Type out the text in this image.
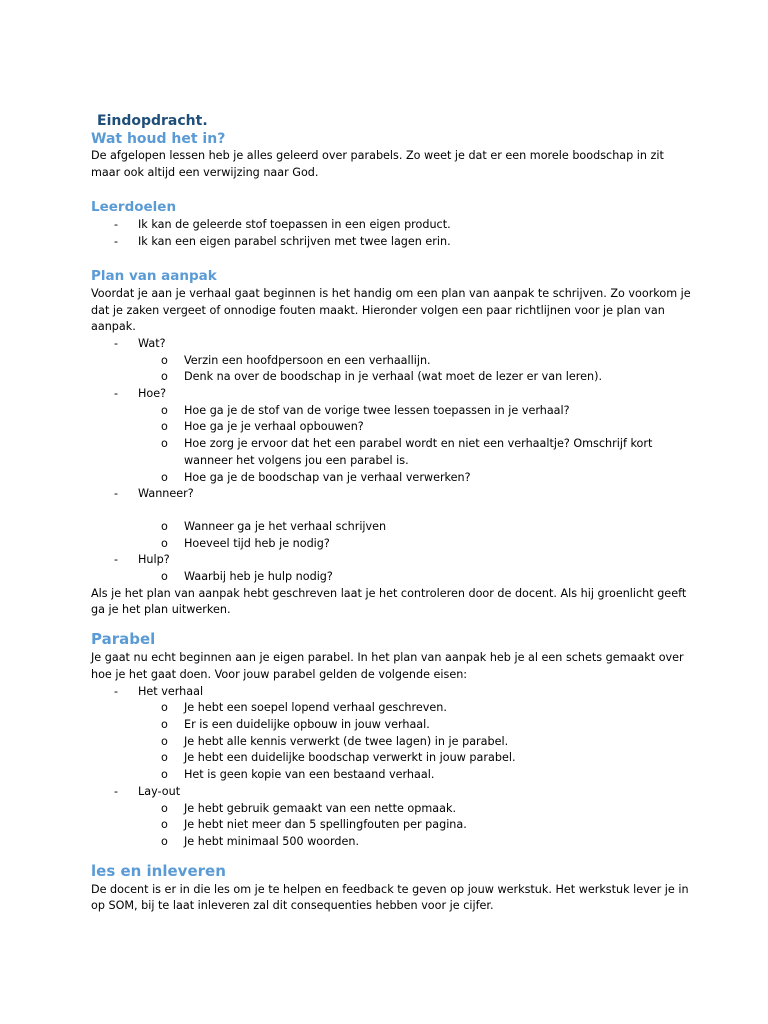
Eindopdracht.
Wat houd het in?

De afgelopen lessen heb je alles geleerd over parabels. Zo weet je dat er een morele boodschap in zit maar ook altijd een verwijzing naar God.

Leerdoelen
- Ik kan de geleerde stof toepassen in een eigen product.
- Ik kan een eigen parabel schrijven met twee lagen erin.
Plan van aanpak

Voordat je aan je verhaal gaat beginnen is het handig om een plan van aanpak te schrijven. Zo voorkom je dat je zaken vergeet of onnodige fouten maakt. Hieronder volgen een paar richtlijnen voor je plan van aanpak.

- Wat?
o Verzin een hoofdpersoon en een verhaallijn.
o Denk na over de boodschap in je verhaal (wat moet de lezer er van leren).
- Hoe?
o Hoe ga je de stof van de vorige twee lessen toepassen in je verhaal?
o Hoe ga je je verhaal opbouwen?
o Hoe zorg je ervoor dat het een parabel wordt en niet een verhaaltje? Omschrijf kort wanneer het volgens jou een parabel is.
o Hoe ga je de boodschap van je verhaal verwerken?
- Wanneer?
o Wanneer ga je het verhaal schrijven
o Hoeveel tijd heb je nodig?
- Hulp?
o Waarbij heb je hulp nodig?

Als je het plan van aanpak hebt geschreven laat je het controleren door de docent. Als hij groenlicht geeft ga je het plan uitwerken.

Parabel

Je gaat nu echt beginnen aan je eigen parabel. In het plan van aanpak heb je al een schets gemaakt over hoe je het gaat doen. Voor jouw parabel gelden de volgende eisen:

- Het verhaal
o Je hebt een soepel lopend verhaal geschreven.
o Er is een duidelijke opbouw in jouw verhaal.
o Je hebt alle kennis verwerkt (de twee lagen) in je parabel.
o Je hebt een duidelijke boodschap verwerkt in jouw parabel.
o Het is geen kopie van een bestaand verhaal.
- Lay-out
o Je hebt gebruik gemaakt van een nette opmaak.
o Je hebt niet meer dan 5 spellingfouten per pagina.
o Je hebt minimaal 500 woorden.
les en inleveren

De docent is er in die les om je te helpen en feedback te geven op jouw werkstuk. Het werkstuk lever je in op SOM, bij te laat inleveren zal dit consequenties hebben voor je cijfer.
